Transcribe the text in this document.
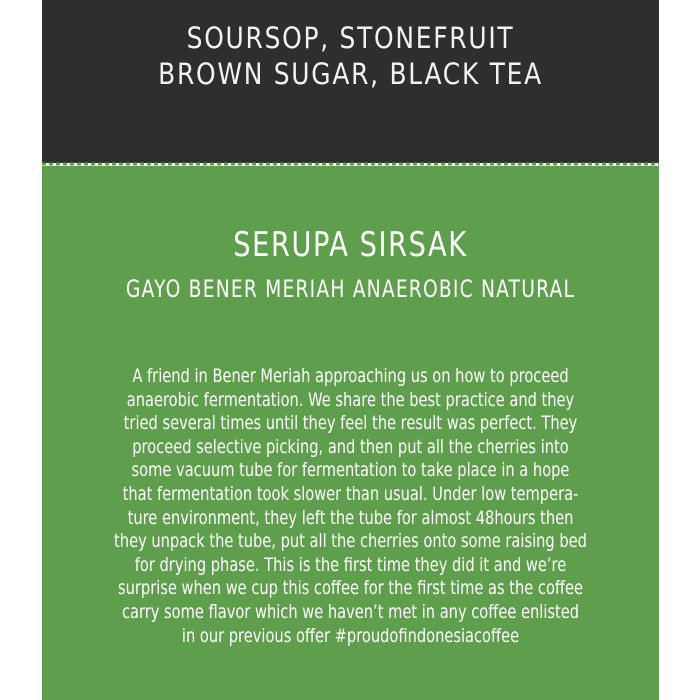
SOURSOP, STONEFRUIT
BROWN SUGAR, BLACK TEA
SERUPA SIRSAK
GAYO BENER MERIAH ANAEROBIC NATURAL
A friend in Bener Meriah approaching us on how to proceed
anaerobic fermentation. We share the best practice and they
tried several times until they feel the result was perfect. They
proceed selective picking, and then put all the cherries into
some vacuum tube for fermentation to take place in a hope
that fermentation took slower than usual. Under low tempera-
ture environment, they left the tube for almost 48hours then
they unpack the tube, put all the cherries onto some raising bed
for drying phase. This is the first time they did it and we’re
surprise when we cup this coffee for the first time as the coffee
carry some flavor which we haven’t met in any coffee enlisted
in our previous offer #proudofindonesiacoffee
